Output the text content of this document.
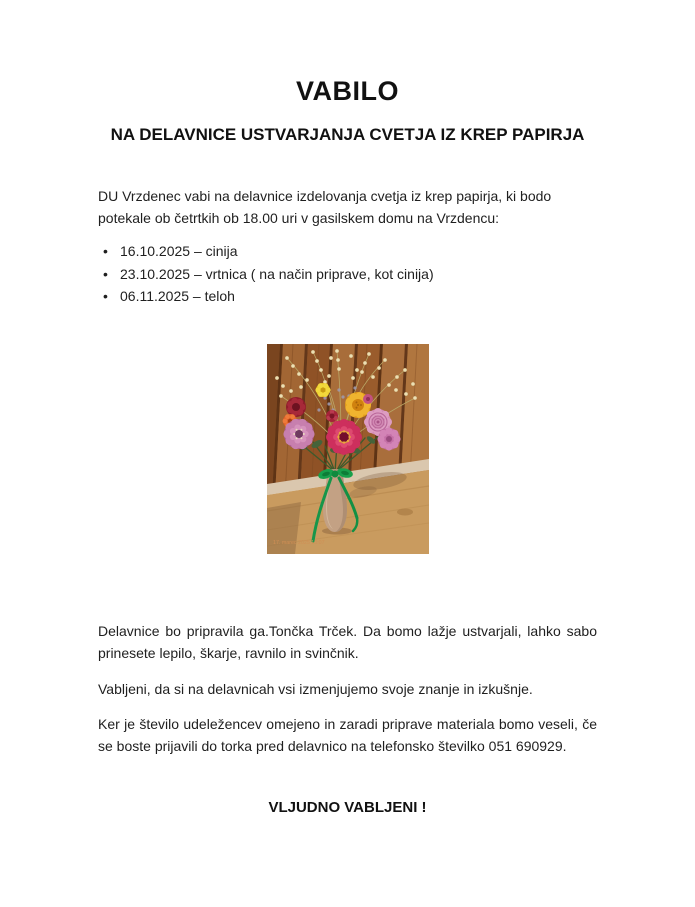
VABILO
NA DELAVNICE USTVARJANJA CVETJA IZ KREP PAPIRJA

DU Vrzdenec vabi na delavnice izdelovanja cvetja iz krep papirja, ki bodo potekale ob četrtkih ob 18.00 uri v gasilskem domu na Vrzdencu:

• 16.10.2025 – cinija
• 23.10.2025 – vrtnica ( na način priprave, kot cinija)
• 06.11.2025 – teloh
17. marec 2025 10:07

Delavnice bo pripravila ga.Tončka Trček. Da bomo lažje ustvarjali, lahko sabo prinesete lepilo, škarje, ravnilo in svinčnik.

Vabljeni, da si na delavnicah vsi izmenjujemo svoje znanje in izkušnje.

Ker je število udeležencev omejeno in zaradi priprave materiala bomo veseli, če se boste prijavili do torka pred delavnico na telefonsko številko 051 690929.

VLJUDNO VABLJENI !
